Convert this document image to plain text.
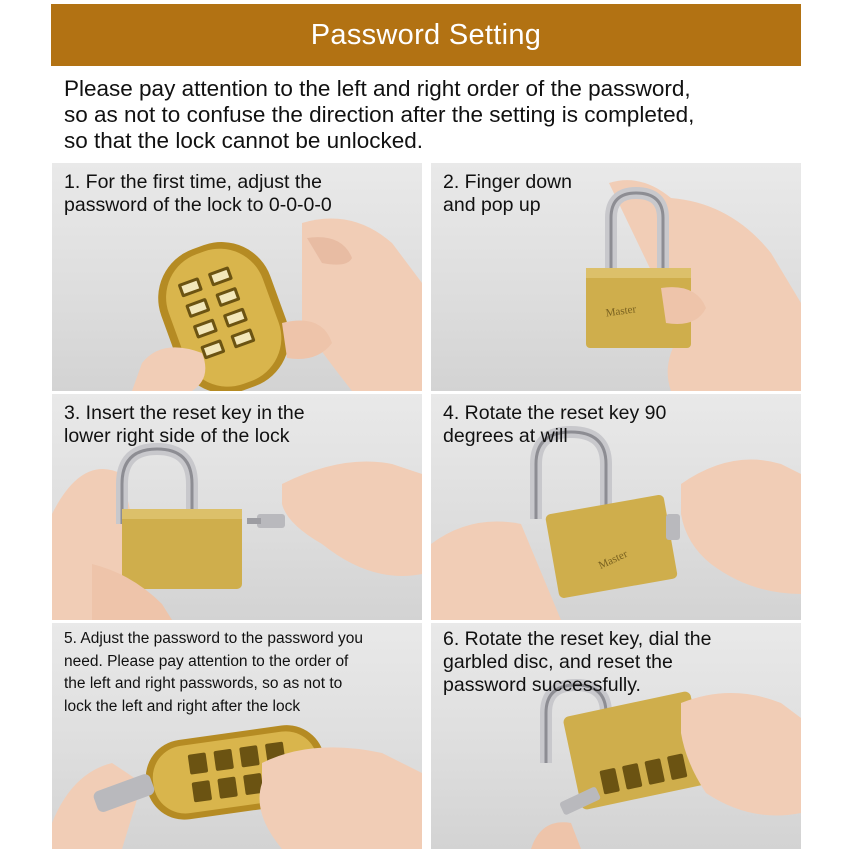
Password Setting
Please pay attention to the left and right order of the password,
so as not to confuse the direction after the setting is completed,
so that the lock cannot be unlocked.
1. For the first time, adjust the
password of the lock to 0-0-0-0
2. Finger down
and pop up
Master
3. Insert the reset key in the
lower right side of the lock
4. Rotate the reset key 90
degrees at will
Master
5. Adjust the password to the password you
need. Please pay attention to the order of
the left and right passwords, so as not to
lock the left and right after the lock
6. Rotate the reset key, dial the
garbled disc, and reset the
password successfully.
